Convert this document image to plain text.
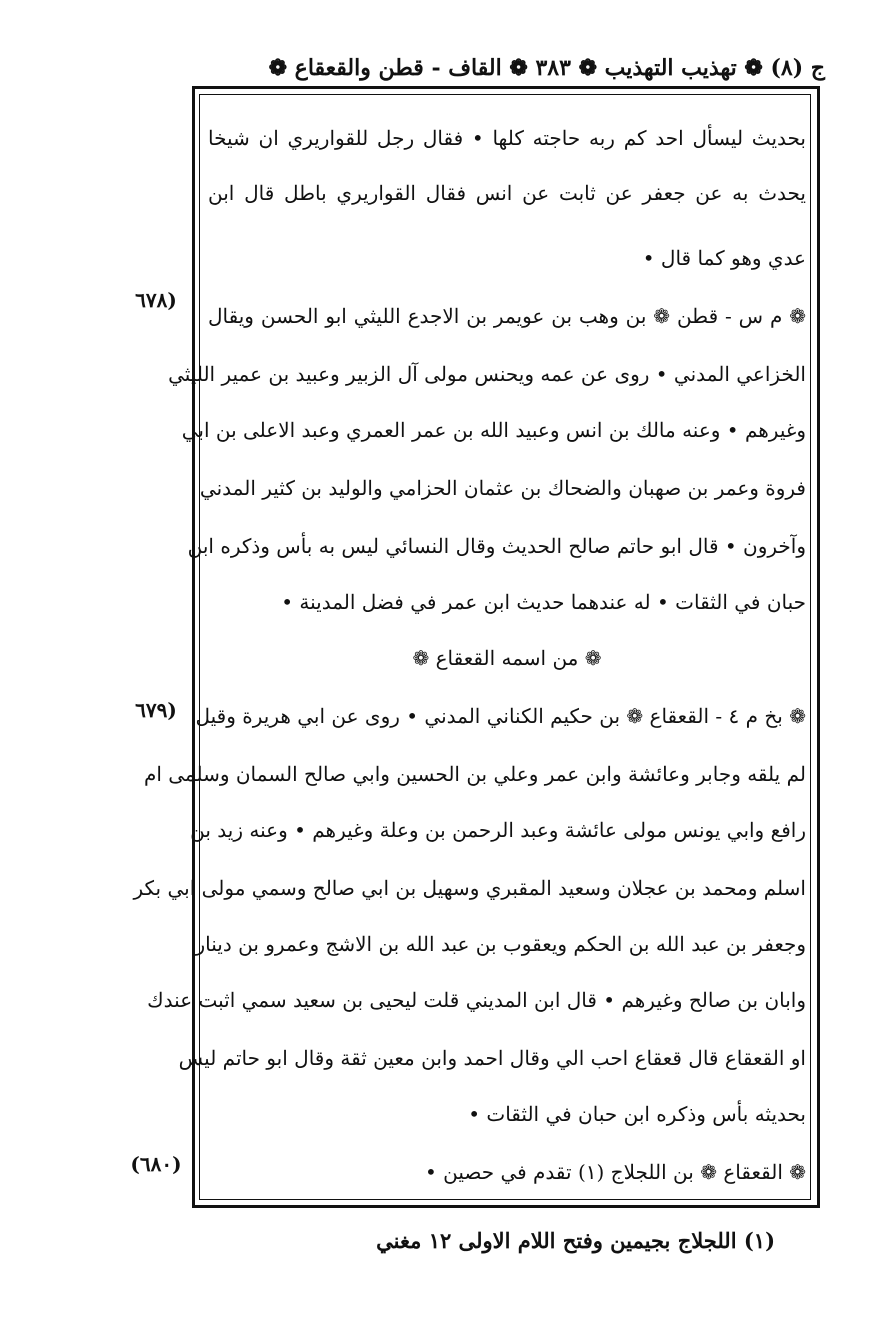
ج (٨) ❁ تهذيب التهذيب ❁ ٣٨٣ ❁ القاف - قطن والقعقاع ❁
(٦٧٨
(٦٧٩
(٦٨٠)
بحديث ليسأل احد كم ربه حاجته كلها • فقال رجل للقواريري ان شيخا
يحدث به عن جعفر عن ثابت عن انس فقال القواريري باطل قال ابن
عدي وهو كما قال •
❁ م س - قطن ❁ بن وهب بن عويمر بن الاجدع الليثي ابو الحسن ويقال
الخزاعي المدني • روى عن عمه ويحنس مولى آل الزبير وعبيد بن عمير الليثي
وغيرهم • وعنه مالك بن انس وعبيد الله بن عمر العمري وعبد الاعلى بن ابي
فروة وعمر بن صهبان والضحاك بن عثمان الحزامي والوليد بن كثير المدني
وآخرون • قال ابو حاتم صالح الحديث وقال النسائي ليس به بأس وذكره ابن
حبان في الثقات • له عندهما حديث ابن عمر في فضل المدينة •
❁ من اسمه القعقاع ❁
❁ بخ م ٤ - القعقاع ❁ بن حكيم الكناني المدني • روى عن ابي هريرة وقيل
لم يلقه وجابر وعائشة وابن عمر وعلي بن الحسين وابي صالح السمان وسلمى ام
رافع وابي يونس مولى عائشة وعبد الرحمن بن وعلة وغيرهم • وعنه زيد بن
اسلم ومحمد بن عجلان وسعيد المقبري وسهيل بن ابي صالح وسمي مولى ابي بكر
وجعفر بن عبد الله بن الحكم ويعقوب بن عبد الله بن الاشج وعمرو بن دينار
وابان بن صالح وغيرهم • قال ابن المديني قلت ليحيى بن سعيد سمي اثبت عندك
او القعقاع قال قعقاع احب الي وقال احمد وابن معين ثقة وقال ابو حاتم ليس
بحديثه بأس وذكره ابن حبان في الثقات •
❁ القعقاع ❁ بن اللجلاج (١) تقدم في حصين •
(١) اللجلاج بجيمين وفتح اللام الاولى ١٢ مغني
